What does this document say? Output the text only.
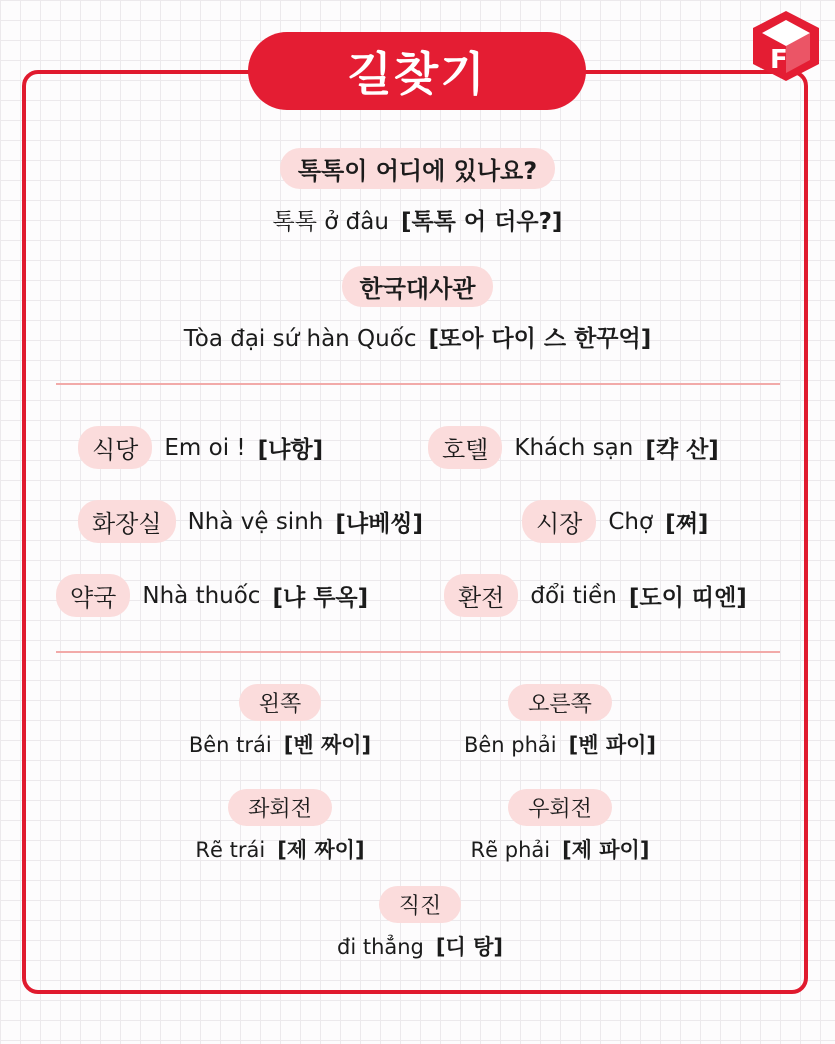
길찾기	F
톡톡이 어디에 있나요?
톡톡 ở đâu [톡톡 어 더우?]
한국대사관
Tòa đại sứ hàn Quốc [또아 다이 스 한꾸억]
식당	Em oi ! [냐항]	호텔	Khách sạn [캭 산]
화장실	Nhà vệ sinh [냐베씽]	시장	Chợ [쪄]
약국	Nhà thuốc [냐 투옥]	환전	đổi tiền [도이 띠엔]
왼쪽
Bên trái [벤 짜이]
오른쪽
Bên phải [벤 파이]
좌회전
Rẽ trái [제 짜이]
우회전
Rẽ phải [제 파이]
직진
đi thẳng [디 탕]
